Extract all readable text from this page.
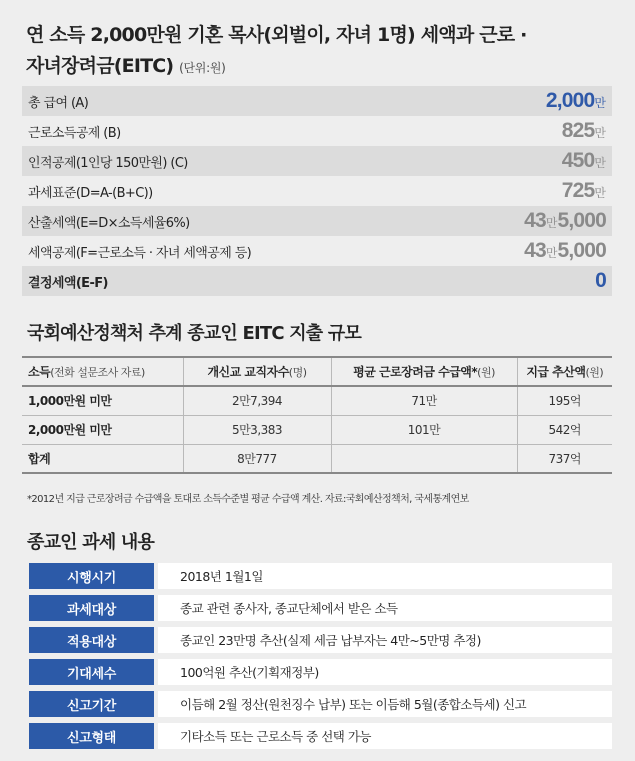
연 소득 2,000만원 기혼 목사(외벌이, 자녀 1명) 세액과 근로 ·
자녀장려금(EITC) (단위:원)
총 급여 (A)	2,000만
근로소득공제 (B)	825만
인적공제(1인당 150만원) (C)	450만
과세표준(D=A-(B+C))	725만
산출세액(E=D×소득세율6%)	43만5,000
세액공제(F=근로소득 · 자녀 세액공제 등)	43만5,000
결정세액(E-F)	0
국회예산정책처 추계 종교인 EITC 지출 규모
소득(전화 설문조사 자료)	개신교 교직자수(명)	평균 근로장려금 수급액*(원)	지급 추산액(원)
1,000만원 미만	2만7,394	71만	195억
2,000만원 미만	5만3,383	101만	542억
합계	8만777		737억
*2012년 지급 근로장려금 수급액을 토대로 소득수준별 평균 수급액 계산. 자료:국회예산정책처, 국세통계연보
종교인 과세 내용
시행시기	2018년 1월1일
과세대상	종교 관련 종사자, 종교단체에서 받은 소득
적용대상	종교인 23만명 추산(실제 세금 납부자는 4만~5만명 추정)
기대세수	100억원 추산(기획재정부)
신고기간	이듬해 2월 정산(원천징수 납부) 또는 이듬해 5월(종합소득세) 신고
신고형태	기타소득 또는 근로소득 중 선택 가능
